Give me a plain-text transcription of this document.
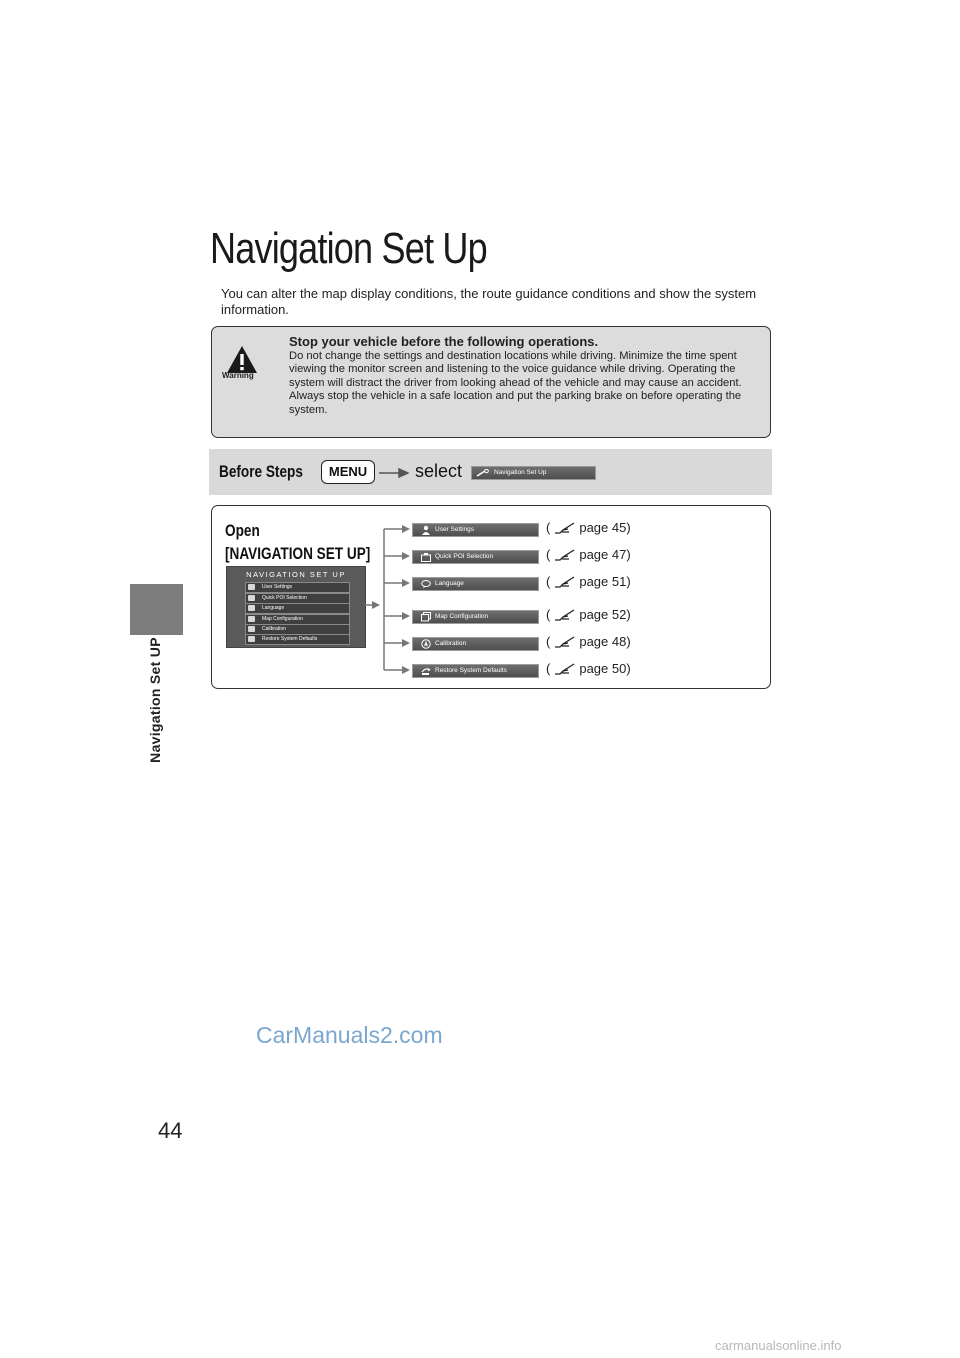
Navigation Set UP
44
Navigation Set Up
You can alter the map display conditions, the route guidance conditions and show the system information.
Warning
Stop your vehicle before the following operations.
Do not change the settings and destination locations while driving. Minimize the time spent viewing the monitor screen and listening to the voice guidance while driving. Operating the system will distract the driver from looking ahead of the vehicle and may cause an accident. Always stop the vehicle in a safe location and put the parking brake on before operating the system.
Before Steps	MENU	select	Navigation Set Up
Open
[NAVIGATION SET UP]
NAVIGATION SET UP
User Settings
Quick POI Selection
Language
Map Configuration
Calibration
Restore System Defaults
User Settings	( page 45)
Quick POI Selection	( page 47)
Language	( page 51)
Map Configuration	( page 52)
Calibration	( page 48)
Restore System Defaults	( page 50)
CarManuals2.com
carmanualsonline.info
